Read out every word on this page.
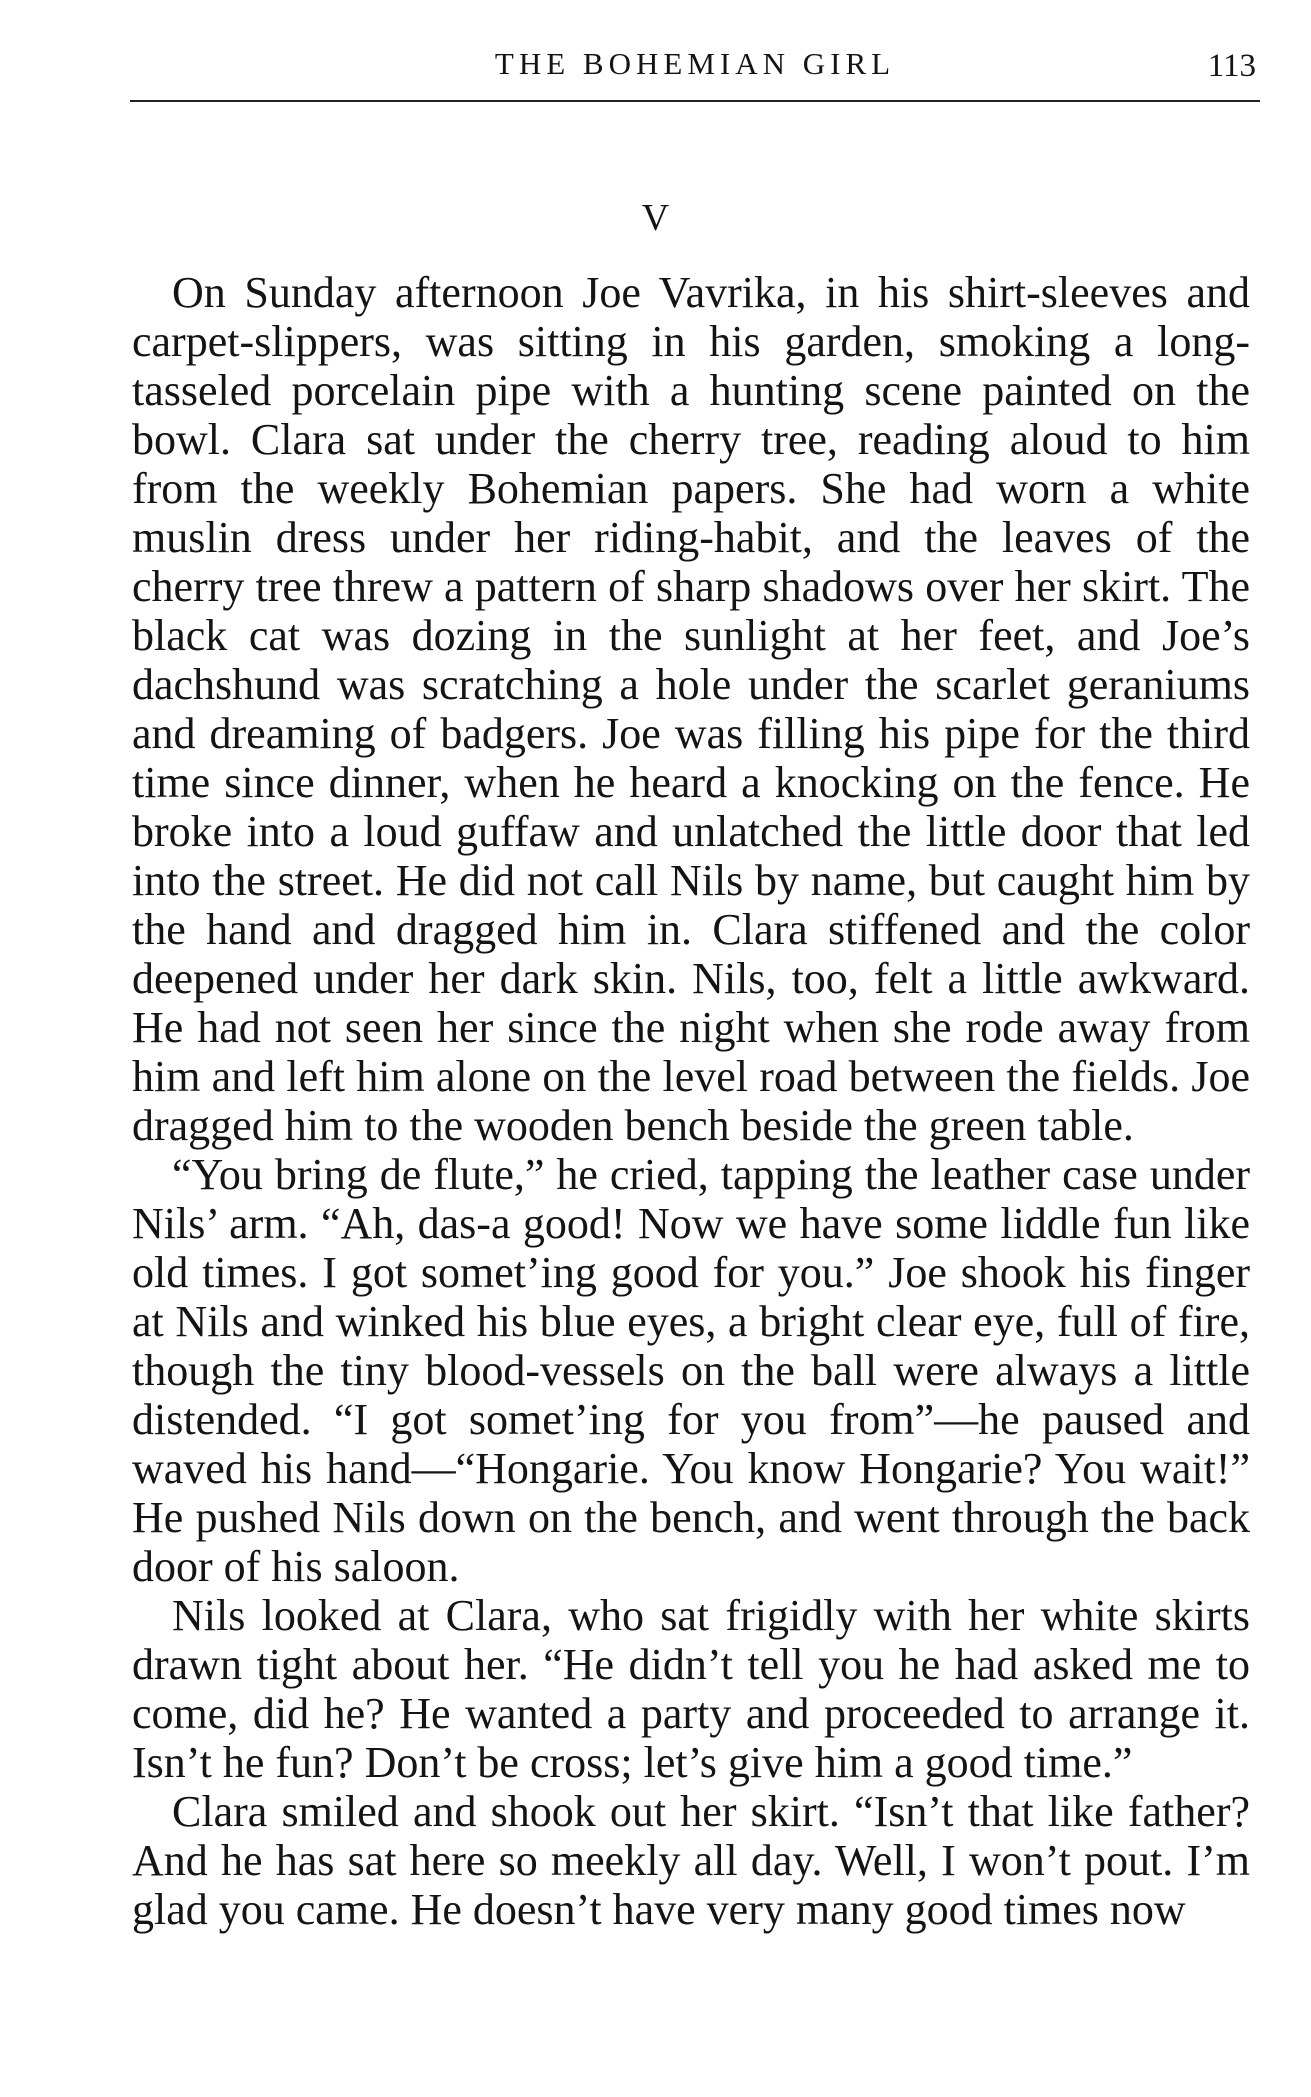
THE BOHEMIAN GIRL	113
V

On Sunday afternoon Joe Vavrika, in his shirt-sleeves and carpet-slippers, was sitting in his garden, smoking a long-tasseled porcelain pipe with a hunting scene painted on the bowl. Clara sat under the cherry tree, reading aloud to him from the weekly Bohemian papers. She had worn a white muslin dress under her riding-habit, and the leaves of the cherry tree threw a pattern of sharp shadows over her skirt. The black cat was dozing in the sunlight at her feet, and Joe’s dachshund was scratching a hole under the scarlet geraniums and dreaming of badgers. Joe was filling his pipe for the third time since dinner, when he heard a knocking on the fence. He broke into a loud guffaw and unlatched the little door that led into the street. He did not call Nils by name, but caught him by the hand and dragged him in. Clara stiffened and the color deepened under her dark skin. Nils, too, felt a little awkward. He had not seen her since the night when she rode away from him and left him alone on the level road between the fields. Joe dragged him to the wooden bench beside the green table.

“You bring de flute,” he cried, tapping the leather case under Nils’ arm. “Ah, das-a good! Now we have some liddle fun like old times. I got somet’ing good for you.” Joe shook his finger at Nils and winked his blue eyes, a bright clear eye, full of fire, though the tiny blood-vessels on the ball were always a little distended. “I got somet’ing for you from”—he paused and waved his hand—“Hongarie. You know Hongarie? You wait!” He pushed Nils down on the bench, and went through the back door of his saloon.

Nils looked at Clara, who sat frigidly with her white skirts drawn tight about her. “He didn’t tell you he had asked me to come, did he? He wanted a party and proceeded to arrange it. Isn’t he fun? Don’t be cross; let’s give him a good time.”

Clara smiled and shook out her skirt. “Isn’t that like father? And he has sat here so meekly all day. Well, I won’t pout. I’m glad you came. He doesn’t have very many good times now
